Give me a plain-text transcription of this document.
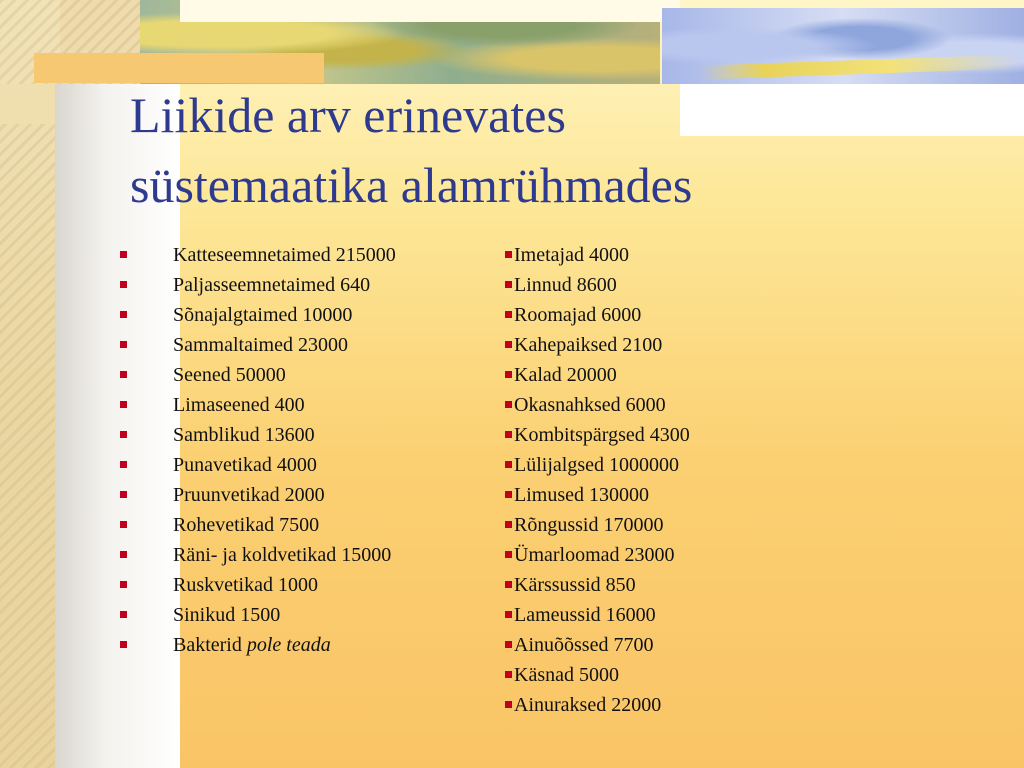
Liikide arv erinevates
süstemaatika alamrühmades
Katteseemnetaimed 215000
Paljasseemnetaimed 640
Sõnajalgtaimed 10000
Sammaltaimed 23000
Seened 50000
Limaseened 400
Samblikud 13600
Punavetikad 4000
Pruunvetikad 2000
Rohevetikad 7500
Räni- ja koldvetikad 15000
Ruskvetikad 1000
Sinikud 1500
Bakterid pole teada
Imetajad 4000
Linnud 8600
Roomajad 6000
Kahepaiksed 2100
Kalad 20000
Okasnahksed 6000
Kombitspärgsed 4300
Lülijalgsed 1000000
Limused 130000
Rõngussid 170000
Ümarloomad 23000
Kärssussid 850
Lameussid 16000
Ainuõõssed 7700
Käsnad 5000
Ainuraksed 22000
